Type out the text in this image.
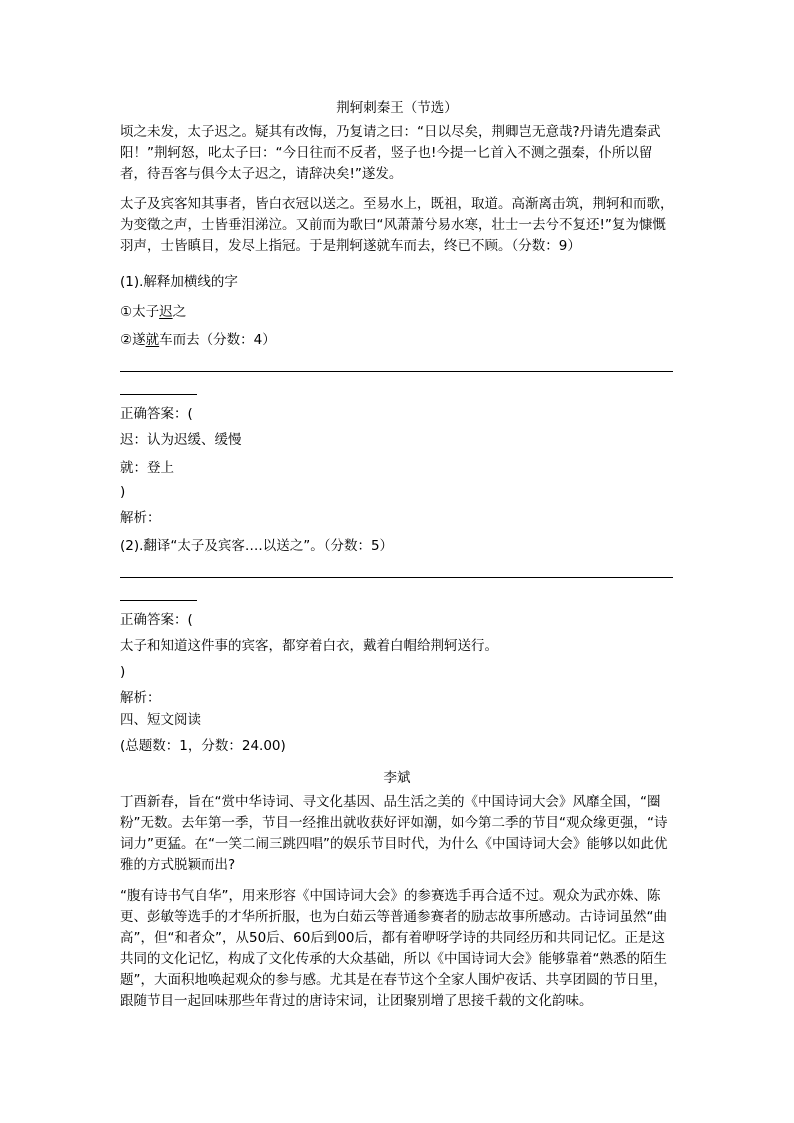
荆轲刺秦王（节选）

顷之未发，太子迟之。疑其有改悔，乃复请之曰：“日以尽矣，荆卿岂无意哉?丹请先遣秦武阳！”荆轲怒，叱太子曰：“今日往而不反者，竖子也!今提一匕首入不测之强秦，仆所以留者，待吾客与俱今太子迟之，请辞决矣!”遂发。

太子及宾客知其事者，皆白衣冠以送之。至易水上，既祖，取道。高渐离击筑，荆轲和而歌，为变徵之声，士皆垂泪涕泣。又前而为歌曰“风萧萧兮易水寒，壮士一去兮不复还!”复为慷慨羽声，士皆瞋目，发尽上指冠。于是荆轲遂就车而去，终已不顾。（分数：9）

(1).解释加横线的字
①太子迟之
②遂就车而去（分数：4）
正确答案：(
迟：认为迟缓、缓慢
就：登上
)
解析：
(2).翻译“太子及宾客….以送之”。（分数：5）
正确答案：(
太子和知道这件事的宾客，都穿着白衣，戴着白帽给荆轲送行。
)
解析：
四、短文阅读
(总题数：1，分数：24.00)
李斌

丁酉新春，旨在“赏中华诗词、寻文化基因、品生活之美的《中国诗词大会》风靡全国，“圈粉”无数。去年第一季，节目一经推出就收获好评如潮，如今第二季的节目“观众缘更强，“诗词力”更猛。在“一笑二闹三跳四唱”的娱乐节目时代，为什么《中国诗词大会》能够以如此优雅的方式脱颖而出?

“腹有诗书气自华”，用来形容《中国诗词大会》的参赛选手再合适不过。观众为武亦姝、陈更、彭敏等选手的才华所折服，也为白茹云等普通参赛者的励志故事所感动。古诗词虽然“曲高”，但“和者众”，从50后、60后到00后，都有着咿呀学诗的共同经历和共同记忆。正是这共同的文化记忆，构成了文化传承的大众基础，所以《中国诗词大会》能够靠着“熟悉的陌生题”，大面积地唤起观众的参与感。尤其是在春节这个全家人围炉夜话、共享团圆的节日里，跟随节目一起回味那些年背过的唐诗宋词，让团聚别增了思接千载的文化韵味。
